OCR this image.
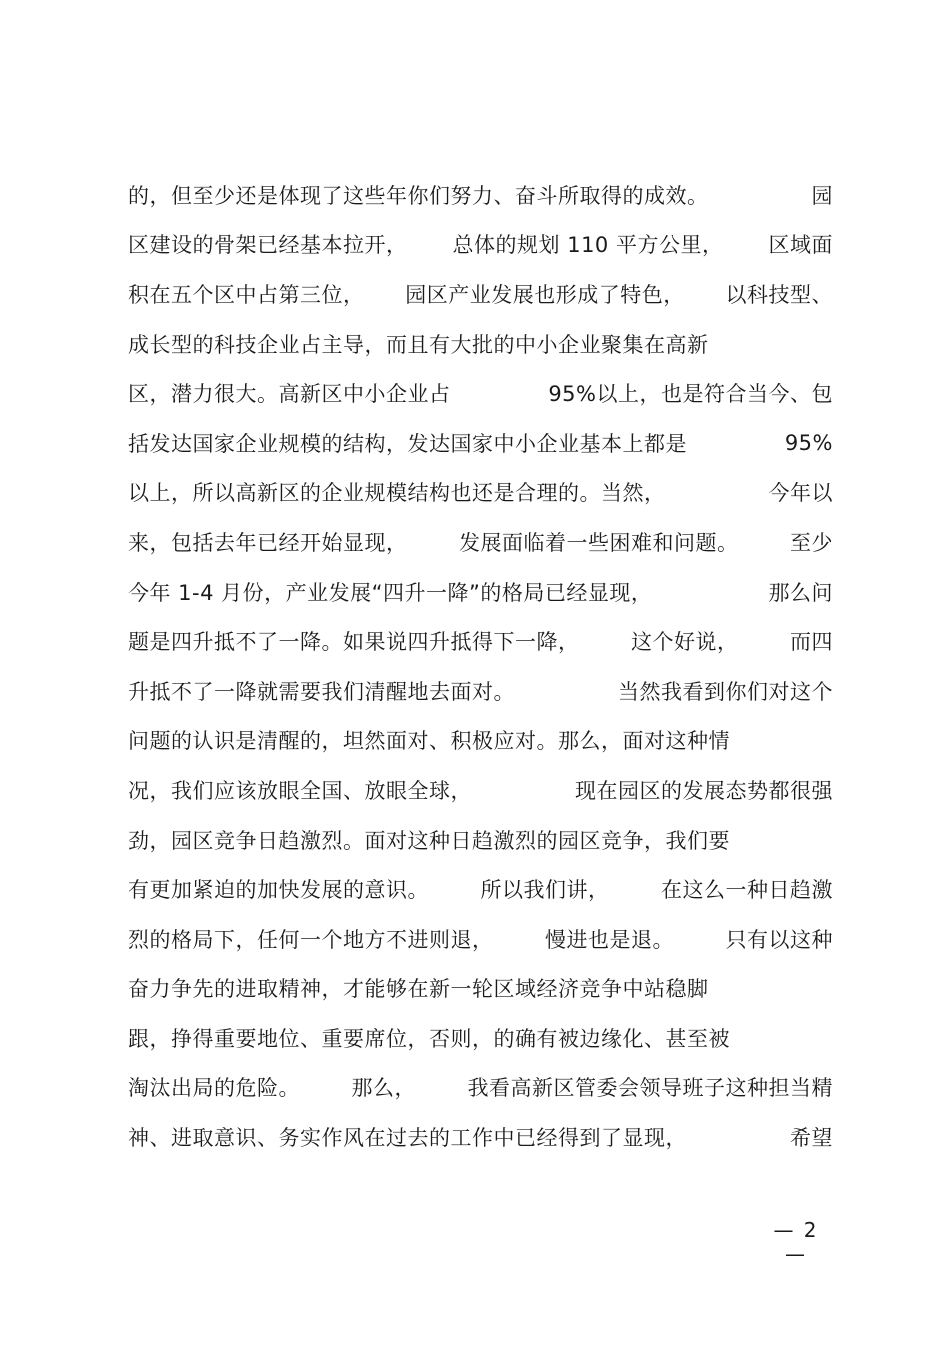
的，但至少还是体现了这些年你们努力、奋斗所取得的成效。	园
区建设的骨架已经基本拉开， 总体的规划 110 平方公里， 区域面
积在五个区中占第三位， 园区产业发展也形成了特色， 以科技型、
成长型的科技企业占主导，而且有大批的中小企业聚集在高新
区，潜力很大。高新区中小企业占	95%以上，也是符合当今、包
括发达国家企业规模的结构，发达国家中小企业基本上都是	95%
以上，所以高新区的企业规模结构也还是合理的。当然，	今年以
来，包括去年已经开始显现， 发展面临着一些困难和问题。 至少
今年 1-4 月份，产业发展“四升一降”的格局已经显现，	那么问
题是四升抵不了一降。如果说四升抵得下一降， 这个好说， 而四
升抵不了一降就需要我们清醒地去面对。	当然我看到你们对这个
问题的认识是清醒的，坦然面对、积极应对。那么，面对这种情
况，我们应该放眼全国、放眼全球，	现在园区的发展态势都很强
劲，园区竞争日趋激烈。面对这种日趋激烈的园区竞争，我们要
有更加紧迫的加快发展的意识。 所以我们讲， 在这么一种日趋激
烈的格局下，任何一个地方不进则退， 慢进也是退。 只有以这种
奋力争先的进取精神，才能够在新一轮区域经济竞争中站稳脚
跟，挣得重要地位、重要席位，否则，的确有被边缘化、甚至被
淘汰出局的危险。 那么， 我看高新区管委会领导班子这种担当精
神、进取意识、务实作风在过去的工作中已经得到了显现，	希望
— 2 —
